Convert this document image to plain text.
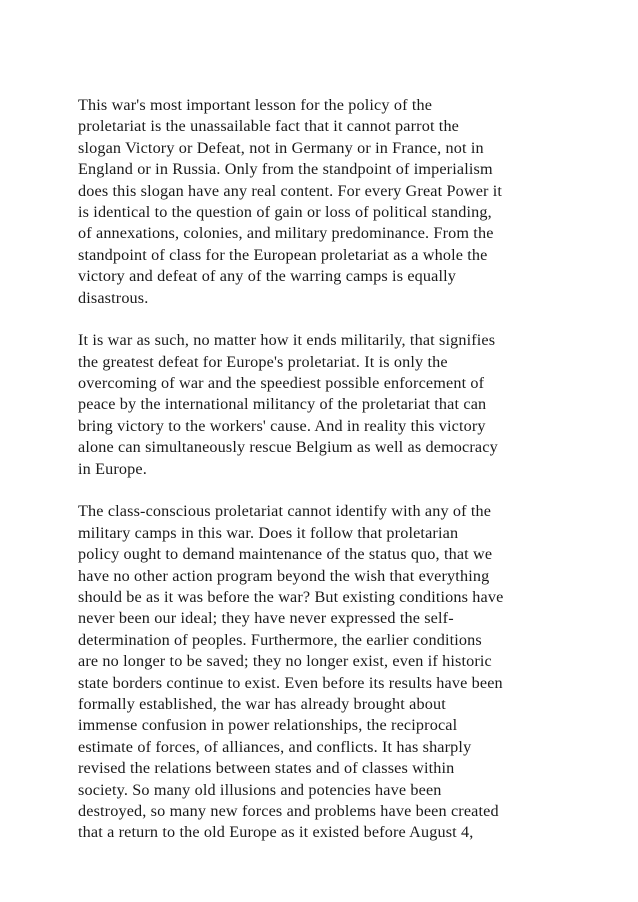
This war's most important lesson for the policy of the
proletariat is the unassailable fact that it cannot parrot the
slogan Victory or Defeat, not in Germany or in France, not in
England or in Russia. Only from the standpoint of imperialism
does this slogan have any real content. For every Great Power it
is identical to the question of gain or loss of political standing,
of annexations, colonies, and military predominance. From the
standpoint of class for the European proletariat as a whole the
victory and defeat of any of the warring camps is equally
disastrous.
It is war as such, no matter how it ends militarily, that signifies
the greatest defeat for Europe's proletariat. It is only the
overcoming of war and the speediest possible enforcement of
peace by the international militancy of the proletariat that can
bring victory to the workers' cause. And in reality this victory
alone can simultaneously rescue Belgium as well as democracy
in Europe.
The class-conscious proletariat cannot identify with any of the
military camps in this war. Does it follow that proletarian
policy ought to demand maintenance of the status quo, that we
have no other action program beyond the wish that everything
should be as it was before the war? But existing conditions have
never been our ideal; they have never expressed the self-
determination of peoples. Furthermore, the earlier conditions
are no longer to be saved; they no longer exist, even if historic
state borders continue to exist. Even before its results have been
formally established, the war has already brought about
immense confusion in power relationships, the reciprocal
estimate of forces, of alliances, and conflicts. It has sharply
revised the relations between states and of classes within
society. So many old illusions and potencies have been
destroyed, so many new forces and problems have been created
that a return to the old Europe as it existed before August 4,
